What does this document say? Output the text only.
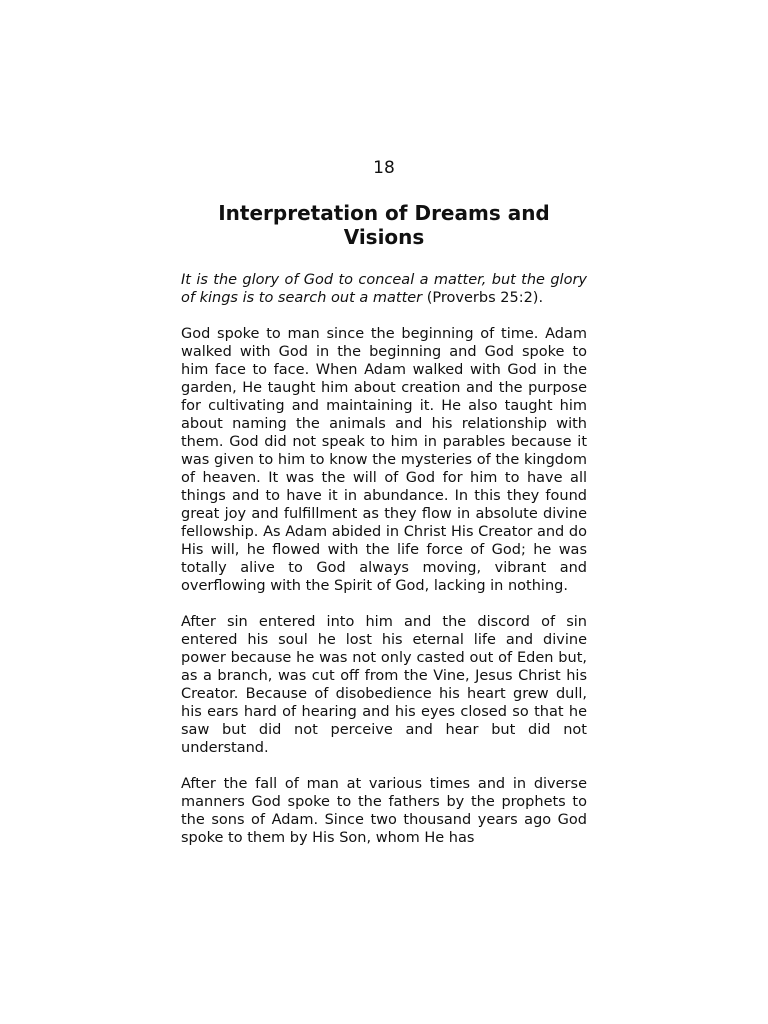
18

Interpretation of Dreams and Visions

It is the glory of God to conceal a matter, but the glory of kings is to search out a matter (Proverbs 25:2).

God spoke to man since the beginning of time. Adam walked with God in the beginning and God spoke to him face to face. When Adam walked with God in the garden, He taught him about creation and the purpose for cultivating and maintaining it. He also taught him about naming the animals and his relationship with them. God did not speak to him in parables because it was given to him to know the mysteries of the kingdom of heaven. It was the will of God for him to have all things and to have it in abundance. In this they found great joy and fulfillment as they flow in absolute divine fellowship. As Adam abided in Christ His Creator and do His will, he flowed with the life force of God; he was totally alive to God always moving, vibrant and overflowing with the Spirit of God, lacking in nothing.

After sin entered into him and the discord of sin entered his soul he lost his eternal life and divine power because he was not only casted out of Eden but, as a branch, was cut off from the Vine, Jesus Christ his Creator. Because of disobedience his heart grew dull, his ears hard of hearing and his eyes closed so that he saw but did not perceive and hear but did not understand.

After the fall of man at various times and in diverse manners God spoke to the fathers by the prophets to the sons of Adam. Since two thousand years ago God spoke to them by His Son, whom He has
